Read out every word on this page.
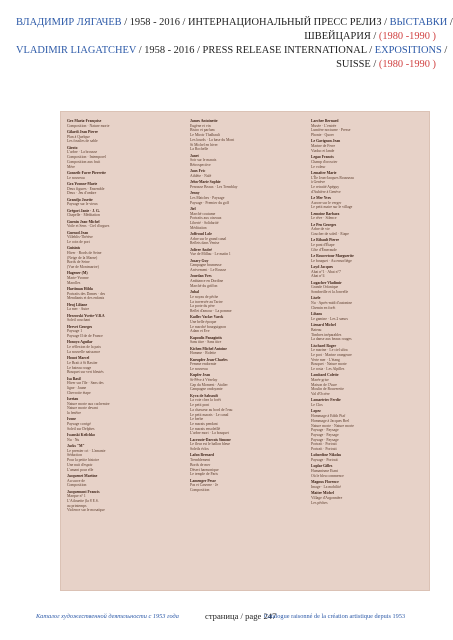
ВЛАДИМИР ЛЯГАЧЕВ / 1958 - 2016 / ИНТЕРНАЦИОНАЛЬНЫЙ ПРЕСС РЕЛИЗ / ВЫСТАВКИ /
ШВЕЙЦАРИЯ / (1980 -1990 )
VLADIMIR LIAGATCHEV / 1958 - 2016 / PRESS RELEASE INTERNATIONAL / EXPOSITIONS /
SUISSE / (1980 -1990 )
Gex Maria-Françoise
Composition · Nature morte
Gilardi Jean Pierre
Plan à Quelque
Les fossiles de sable
Giroto
L'arbre · La brousse
Composition · Intemporel
Composition aux fruit
Mère
Gonseth-Favre Pierrette
Le nouveau
Gra Yvonne-Marie
Deux figures · Ensemble
Deux · Jeu d'ombre
Grandjo Josette
Paysage sur le vieux
Grégori Janie · J. G.
Chapelle · Méditation
Guenin Jean-Michel
Voile et Sens · Ciel d'orgues
Guenod Jean
Villeblis-Thérèse
Le coin de port
Guisinis
Hiver · Bords de Seine
(Neige de la Marne)
Bords de Seine
(Vue de Montmartre)
Hagener (M)
Marie-Yvonne
Marolles
Hartiman Hilda
Portraits des Dames · des
Mendiants et des enfants
Heuj Liliane
La mer · Autre
Herzovski Yvette-V.B.A
Soleil couchant
Hervet Georges
Paysage 1
Paysage II de de France
Honoyo Aguilar
Le réflexion de la paix
La nouvelle naissance
Houot Marcel
Le Brait à St Rastier
Le bateau rouge
Bouquet sur vert bleutés
Isa Basil
Hiver sur l'île · Sans des
ligne · Jaune
Chevrotte étape
Iseriau
Nature morte aux cachemire
Nature morte devant
la fenêtre
Ivone
Paysage corrigé
Soleil sur Delphes
Iwanski Krilchko
Nu · Nu
Jacks "M"
Le premier cri · L'amante
Séduction
Pour la petite histoire
Une nuit d'espoir
L'amant pour elle
Jacquenet Martine
Au sucre de
Composition
Jacquemont Francis
Marque n° 1
L'Ailouette (la 8 E.S.
au printemps
Violence sur le mosaïque
James Antoinette
Eugène et vin
Bistro et parfum
Le Miroir Thalbault
Les lourds · La base du Mont
St Michel en hiver
La Rochelle
Janet
Soir sur le marais
Rétrospective
Jaux Fric
Athlète · Nalé
Jehn-Marie Sophie
Penrasse Beaux · Les Tremblay
Jenny
Les Matches · Paysage
Paysage · Premier du golf
Jiel
Marché coutume
Portraits aux oiseaux
Liberté · Solidarité
Méditation
Joffroud Lole
Arbre sur le grand canal
Reflets dans Venise
Joliver André
Vue de Millau · Le matin 1
Josary Guy
Campagne brumeuse
Arrivement · Le Rousse
Jourdan Yves
Ambiance en Dordine
Marché du griffon
Jubal
Le noyau de pêche
La traversée au Tartre
La porte du père
Reflet d'amour · La pomme
Kadlec Vaclav Vaeck
Une belle époque
Le marché bourguignon
Adam et Eve
Kapoulis Panagiotis
Sans titre · Sans titre
Kichen Michel Antoine
Homme · Rolette
Kneupfer Jean-Charles
Femme endormie
Le nouveau
Kupfer Jean
St-Pêve à Vézelay
Cap du Moment · Atalier
Campagne ondoyante
Kyva de Sabsoult
La voie chez la forêt
Le petit pont
La chasseur au bord de l'eau
Le petit marais · Le canal
Le berbe
Le marais pendant
Le marais ensoleillé
L'arbre mort · La bouquet
Lacroute-Darcois Simone
Le fleur est le ballon bleue
Soleils éclos
Lafon Bernard
Tremblement
Bords de mer
Désert harmonique
Le temple de Paris
Lamenger Pesse
Pas et Caserne · Je
Composition
Larcher Bernard
Musée · L'entrée
Lumière nocturne · Presse
Phonie · Quoer
Le Gavignon Jean
Marine de Ferre
Viaduc et lande
Legao Francis
Champ d'oroscier
Le voleur
Lemaître Marie
L'Île Jean-Jacques Rousseau
à Genève
Le retraité Apéguy
d'Aubière à Genève
Le Mer Yves
Aurore sur le verger
Le petit maire sur le village
Lemoine Barbara
Le rêve · Silence
Le Pen Georges
Arbre de vie
Coucher de soleil · Etape
Le Ribault Pierre
Le pont d'Étape
Côte d'Émeraude
Le Roucretour Marguerite
Le bouquet · Au ensorliège
Loyd Jacques
Abat n°1 · Abat n°7
Abat n°4
Lugacher Vladimir
Grande Orfanique
Sombreille et la Jonvelle
Lisele
Nu · Après-midi d'autonine
Chemin en forêt
Lihans
Le gamine · Les 2 sœurs
Lienard Michel
Bateau
Timbres inéparables
La danse aux beaux rouges
Lischard Roger
Le marine · Le ciel ultra
Le port · Marine orangeure
Verte mer · L'étang
Bouquet · Nature morte
Le rosia · Les Alpilles
Lombard Colette
Marée grise
Maison de l'Aure
Moulin de Bouverette
Val d'Ocrère
Lomartriec Ferdie
Le Clos
Lopez
Hommage à Edith Piaf
Hommage à Jacques Brel
Nature morte · Nature morte
Paysage · Paysage
Paysage · Paysage
Paysage · Paysage
Portrait · Portrait
Portrait · Portrait
Lubordine Nikolas
Paysage · Portrait
Luplar Gilles
Humanisme Etant
Où le bleu commence
Magnus Florence
Image · La mobilité
Maitre Michel
Village d'Argonnière
Les pêches
Каталог художественной деятельности с 1953 года	страница / page 247
Catalogue raisonné de la création artistique depuis 1953
